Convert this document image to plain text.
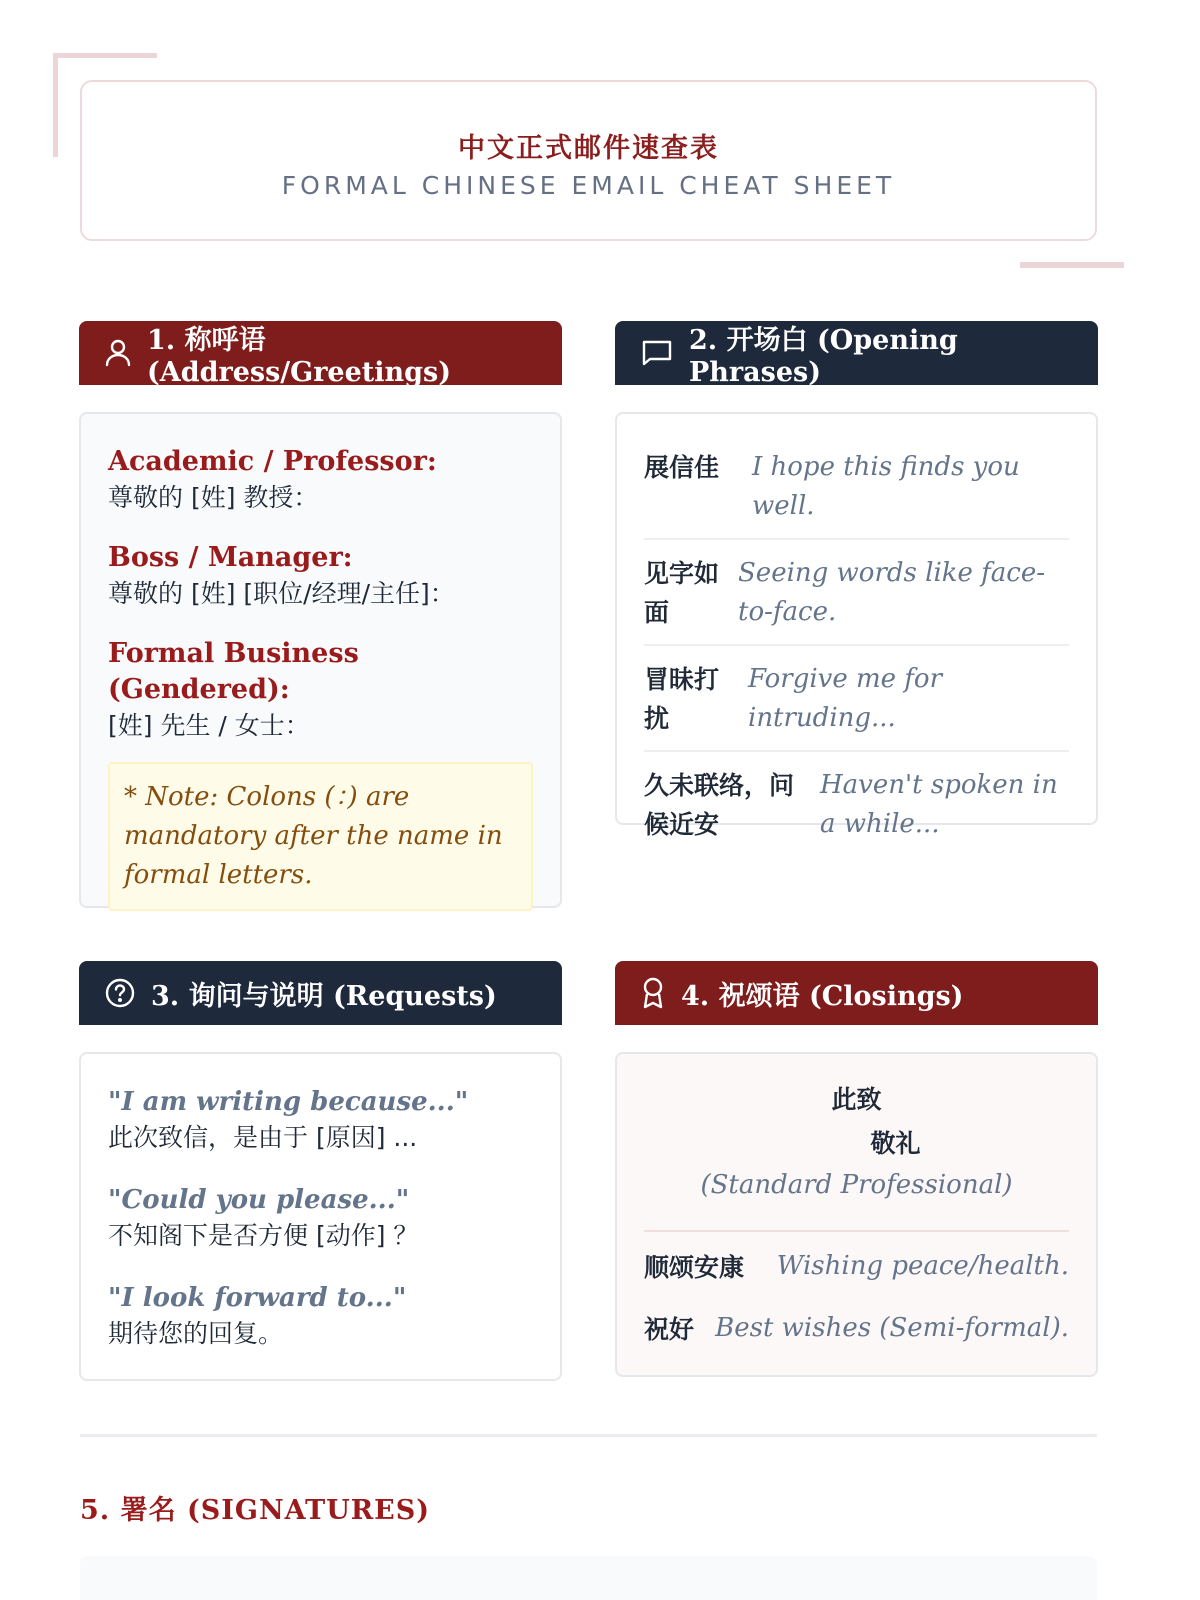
中文正式邮件速查表
FORMAL CHINESE EMAIL CHEAT SHEET
1. 称呼语 (Address/Greetings)
Academic / Professor:
尊敬的 [姓] 教授：
Boss / Manager:
尊敬的 [姓] [职位/经理/主任]：
Formal Business (Gendered):
[姓] 先生 / 女士：
* Note: Colons (：) are mandatory after the name in formal letters.
2. 开场白 (Opening Phrases)
展信佳	I hope this finds you well.
见字如面
Seeing words like face-to-face.
冒昧打扰
Forgive me for intruding...
久未联络，问候近安
Haven't spoken in a while...
3. 询问与说明 (Requests)
"I am writing because..."
此次致信，是由于 [原因] ...
"Could you please..."
不知阁下是否方便 [动作] ？
"I look forward to..."
期待您的回复。
4. 祝颂语 (Closings)
此致
敬礼
(Standard Professional)
顺颂安康 Wishing peace/health.
祝好 Best wishes (Semi-formal).
5. 署名 (SIGNATURES)
